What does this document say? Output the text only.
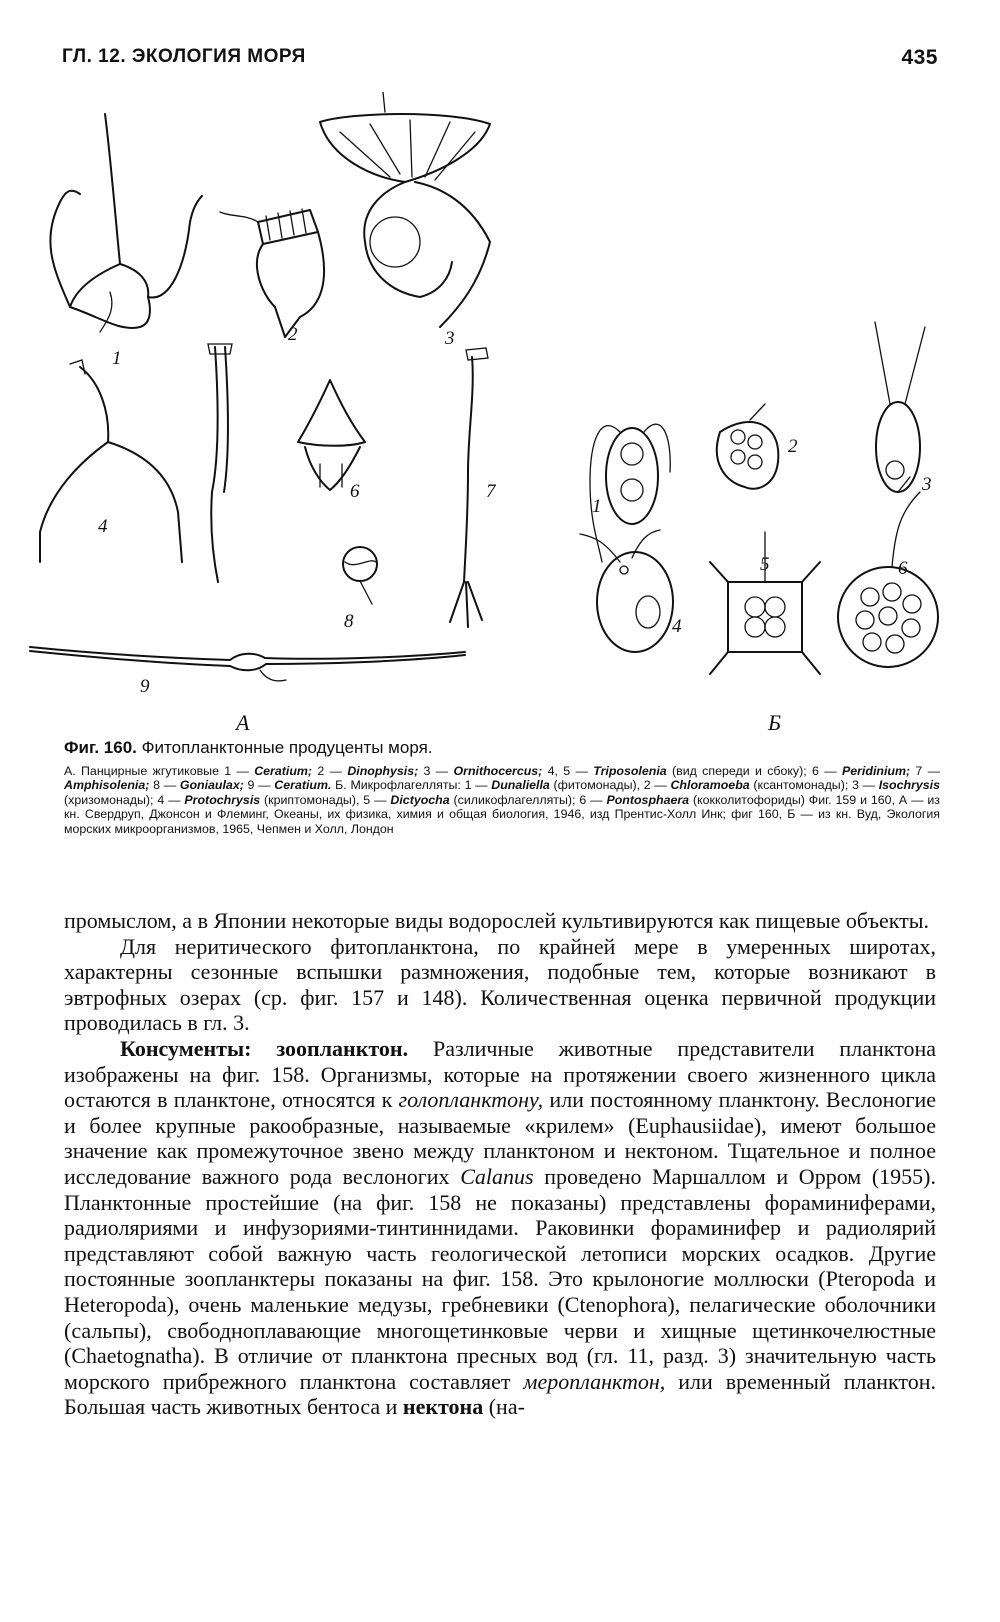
ГЛ. 12. ЭКОЛОГИЯ МОРЯ	435
1
2	3
4
6	7
8
9
А
1
2
3
4
5	6
Б
Фиг. 160. Фитопланктонные продуценты моря.
А. Панцирные жгутиковые 1 — Ceratium; 2 — Dinophysis; 3 — Ornithocercus; 4, 5 — Triposolenia (вид спереди и сбоку); 6 — Peridinium; 7 — Amphisolenia; 8 — Goniaulax; 9 — Ceratium. Б. Микрофлагелляты: 1 — Dunaliella (фитомонады), 2 — Chloramoeba (ксантомонады); 3 — Isochrysis (хризомонады); 4 — Protochrysis (криптомонады), 5 — Dictyocha (силикофлагелляты); 6 — Pontosphaera (кокколитофориды) Фиг. 159 и 160, А — из кн. Свердруп, Джонсон и Флеминг, Океаны, их физика, химия и общая биология, 1946, изд Прентис-Холл Инк; фиг 160, Б — из кн. Вуд, Экология морских микроорганизмов, 1965, Чепмен и Холл, Лондон

промыслом, а в Японии некоторые виды водорослей культивируются как пищевые объекты.

Для неритического фитопланктона, по крайней мере в умеренных широтах, характерны сезонные вспышки размножения, подобные тем, которые возникают в эвтрофных озерах (ср. фиг. 157 и 148). Количественная оценка первичной продукции проводилась в гл. 3.

Консументы: зоопланктон. Различные животные представители планктона изображены на фиг. 158. Организмы, которые на протяжении своего жизненного цикла остаются в планктоне, относятся к голопланктону, или постоянному планктону. Веслоногие и более крупные ракообразные, называемые «крилем» (Euphausiidae), имеют большое значение как промежуточное звено между планктоном и нектоном. Тщательное и полное исследование важного рода веслоногих Calanus проведено Маршаллом и Орром (1955). Планктонные простейшие (на фиг. 158 не показаны) представлены фораминиферами, радиоляриями и инфузориями-тинтиннидами. Раковинки фораминифер и радиолярий представляют собой важную часть геологической летописи морских осадков. Другие постоянные зоопланктеры показаны на фиг. 158. Это крылоногие моллюски (Pteropoda и Heteropoda), очень маленькие медузы, гребневики (Ctenophora), пелагические оболочники (сальпы), свободноплавающие многощетинковые черви и хищные щетинкочелюстные (Chaetognatha). В отличие от планктона пресных вод (гл. 11, разд. 3) значительную часть морского прибрежного планктона составляет меропланктон, или временный планктон. Большая часть животных бентоса и нектона (на-
